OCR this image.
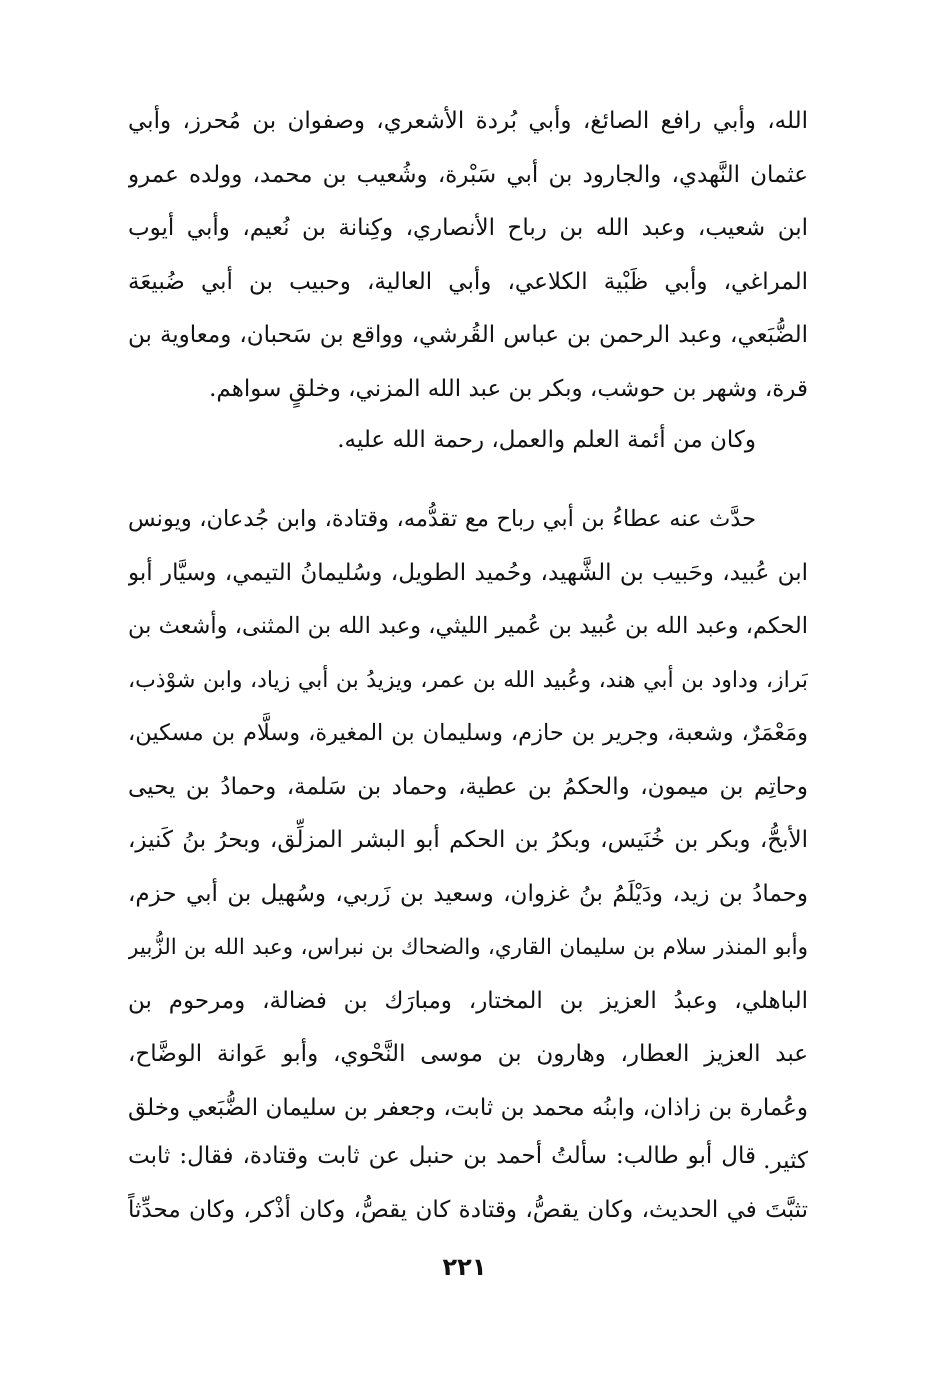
الله، وأبي رافع الصائغ، وأبي بُردة الأشعري، وصفوان بن مُحرز، وأبي
عثمان النَّهدي، والجارود بن أبي سَبْرة، وشُعيب بن محمد، وولده عمرو
ابن شعيب، وعبد الله بن رباح الأنصاري، وكِنانة بن نُعيم، وأبي أيوب
المراغي، وأبي ظَبْية الكلاعي، وأبي العالية، وحبيب بن أبي ضُبيعَة
الضُّبَعي، وعبد الرحمن بن عباس القُرشي، وواقع بن سَحبان، ومعاوية بن
قرة، وشهر بن حوشب، وبكر بن عبد الله المزني، وخلقٍ سواهم.
وكان من أئمة العلم والعمل، رحمة الله عليه.
حدَّث عنه عطاءُ بن أبي رباح مع تقدُّمه، وقتادة، وابن جُدعان، ويونس
ابن عُبيد، وحَبيب بن الشَّهيد، وحُميد الطويل، وسُليمانُ التيمي، وسيَّار أبو
الحكم، وعبد الله بن عُبيد بن عُمير الليثي، وعبد الله بن المثنى، وأشعث بن
بَراز، وداود بن أبي هند، وعُبيد الله بن عمر، ويزيدُ بن أبي زياد، وابن شوْذب،
ومَعْمَرٌ، وشعبة، وجرير بن حازم، وسليمان بن المغيرة، وسلَّام بن مسكين،
وحاتِم بن ميمون، والحكمُ بن عطية، وحماد بن سَلمة، وحمادُ بن يحيى
الأبحُّ، وبكر بن خُنَيس، وبكرُ بن الحكم أبو البشر المزلِّق، وبحرُ بنُ كَنيز،
وحمادُ بن زيد، ودَيْلَمُ بنُ غزوان، وسعيد بن زَربي، وسُهيل بن أبي حزم،
وأبو المنذر سلام بن سليمان القاري، والضحاك بن نبراس، وعبد الله بن الزُّبير
الباهلي، وعبدُ العزيز بن المختار، ومبارَك بن فضالة، ومرحوم بن
عبد العزيز العطار، وهارون بن موسى النَّحْوي، وأبو عَوانة الوضَّاح،
وعُمارة بن زاذان، وابنُه محمد بن ثابت، وجعفر بن سليمان الضُّبَعي وخلق
كثير.
قال أبو طالب: سألتُ أحمد بن حنبل عن ثابت وقتادة، فقال: ثابت
تثبَّتَ في الحديث، وكان يقصُّ، وقتادة كان يقصُّ، وكان أذْكر، وكان محدِّثاً
٢٢١
